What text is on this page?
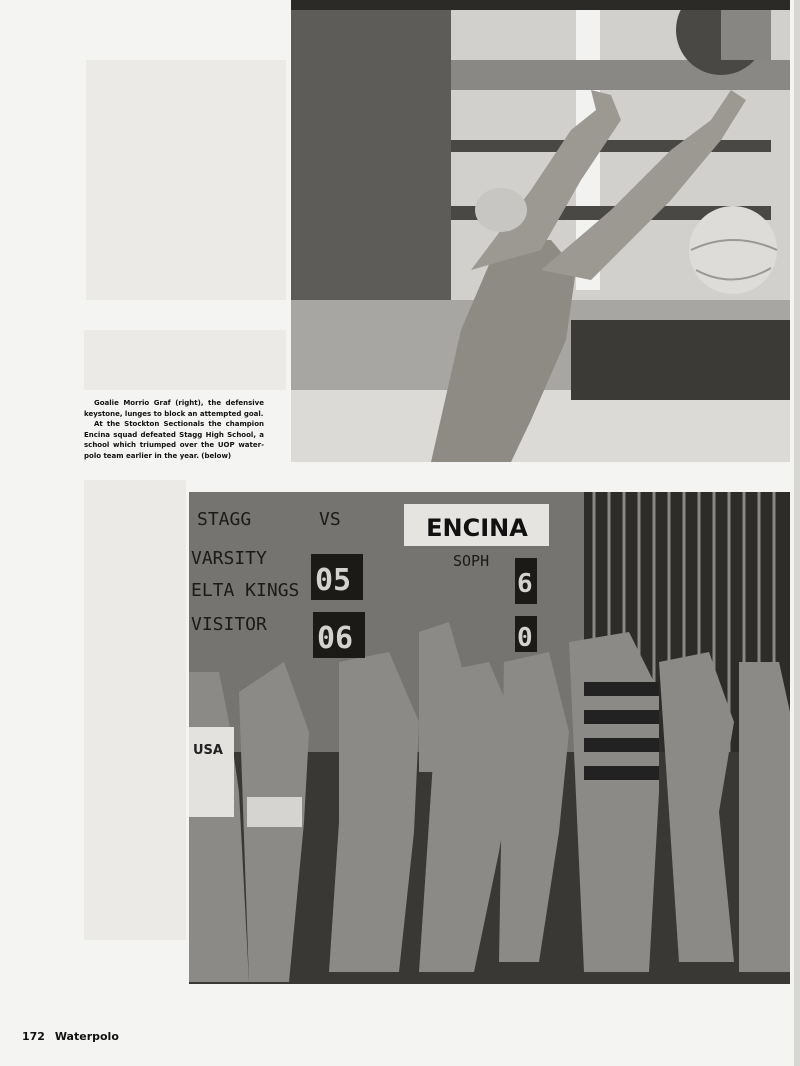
Goalie Morrio Graf (right), the defensive keystone, lunges to block an attempted goal.

At the Stockton Sectionals the champion Encina squad defeated Stagg High School, a school which triumped over the UOP water-polo team earlier in the year. (below)

ENCINA
STAGG	VS
VARSITY
ELTA KINGS
VISITOR
SOPH
05
06
6
0
USA
172 Waterpolo
